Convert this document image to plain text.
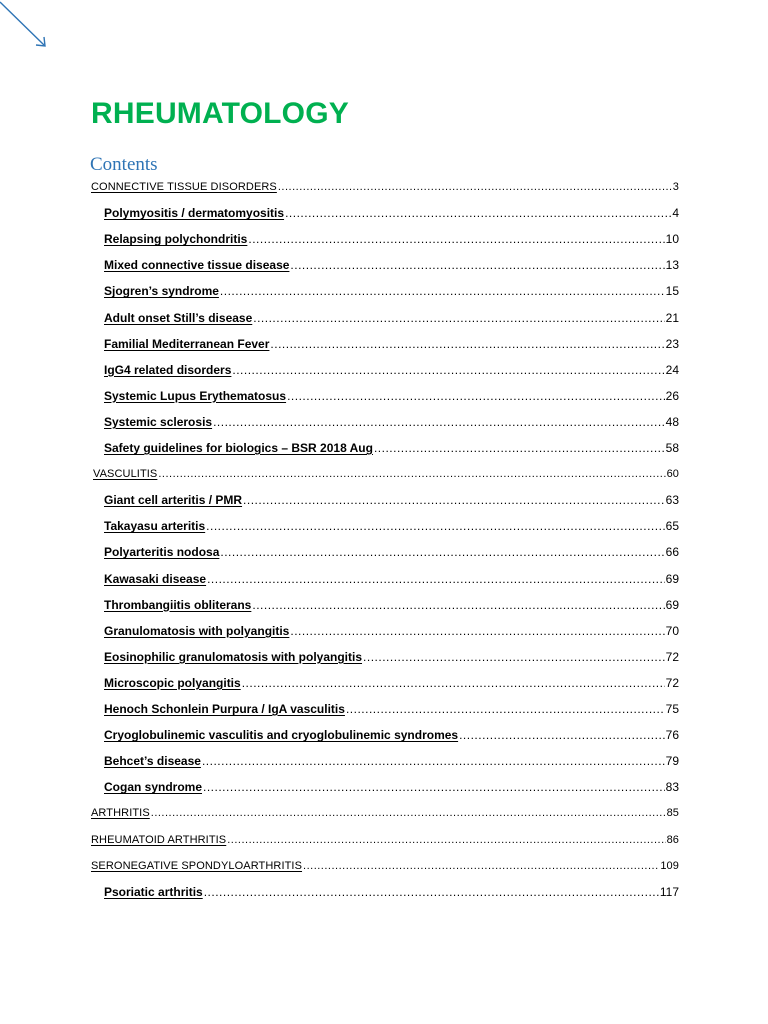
RHEUMATOLOGY
Contents
CONNECTIVE TISSUE DISORDERS .....	3
Polymyositis / dermatomyositis .....	4
Relapsing polychondritis .....	10
Mixed connective tissue disease .....	13
Sjogren’s syndrome .....	15
Adult onset Still’s disease .....	21
Familial Mediterranean Fever .....	23
IgG4 related disorders .....	24
Systemic Lupus Erythematosus .....	26
Systemic sclerosis .....	48
Safety guidelines for biologics – BSR 2018 Aug .....	58
VASCULITIS .....	60
Giant cell arteritis / PMR .....	63
Takayasu arteritis .....	65
Polyarteritis nodosa .....	66
Kawasaki disease .....	69
Thrombangiitis obliterans .....	69
Granulomatosis with polyangitis .....	70
Eosinophilic granulomatosis with polyangitis .....	72
Microscopic polyangitis .....	72
Henoch Schonlein Purpura / IgA vasculitis .....	75
Cryoglobulinemic vasculitis and cryoglobulinemic syndromes .....	76
Behcet’s disease .....	79
Cogan syndrome .....	83
ARTHRITIS .....	85
RHEUMATOID ARTHRITIS .....	86
SERONEGATIVE SPONDYLOARTHRITIS .....	109
Psoriatic arthritis .....	117
